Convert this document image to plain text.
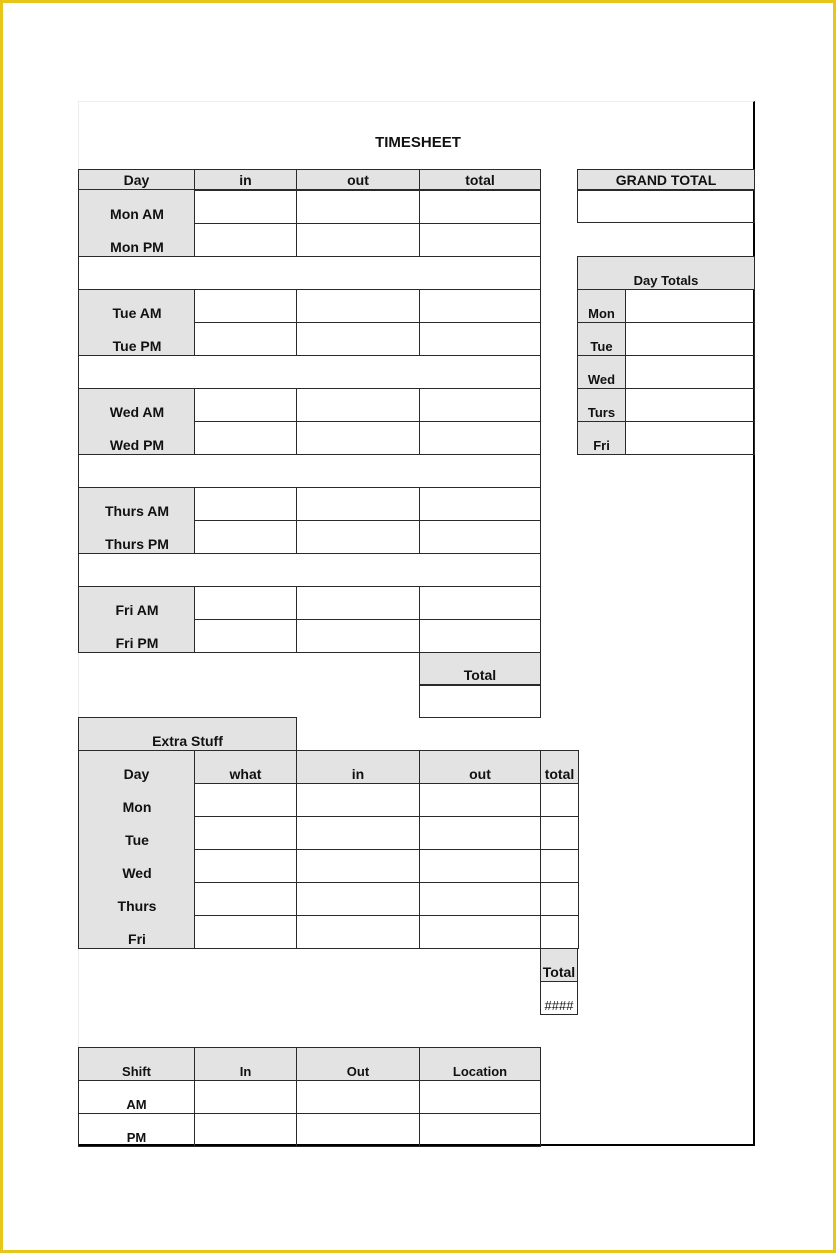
TIMESHEET
Day	in	out	total
Mon AM
Mon PM
Tue AM
Tue PM
Wed AM
Wed PM
Thurs AM
Thurs PM
Fri AM
Fri PM
Total
GRAND TOTAL
Day Totals
Mon
Tue
Wed
Turs
Fri
Extra Stuff
Day	what	in	out	total
Mon
Tue
Wed
Thurs
Fri
Total
####
Shift	In	Out	Location
AM
PM
